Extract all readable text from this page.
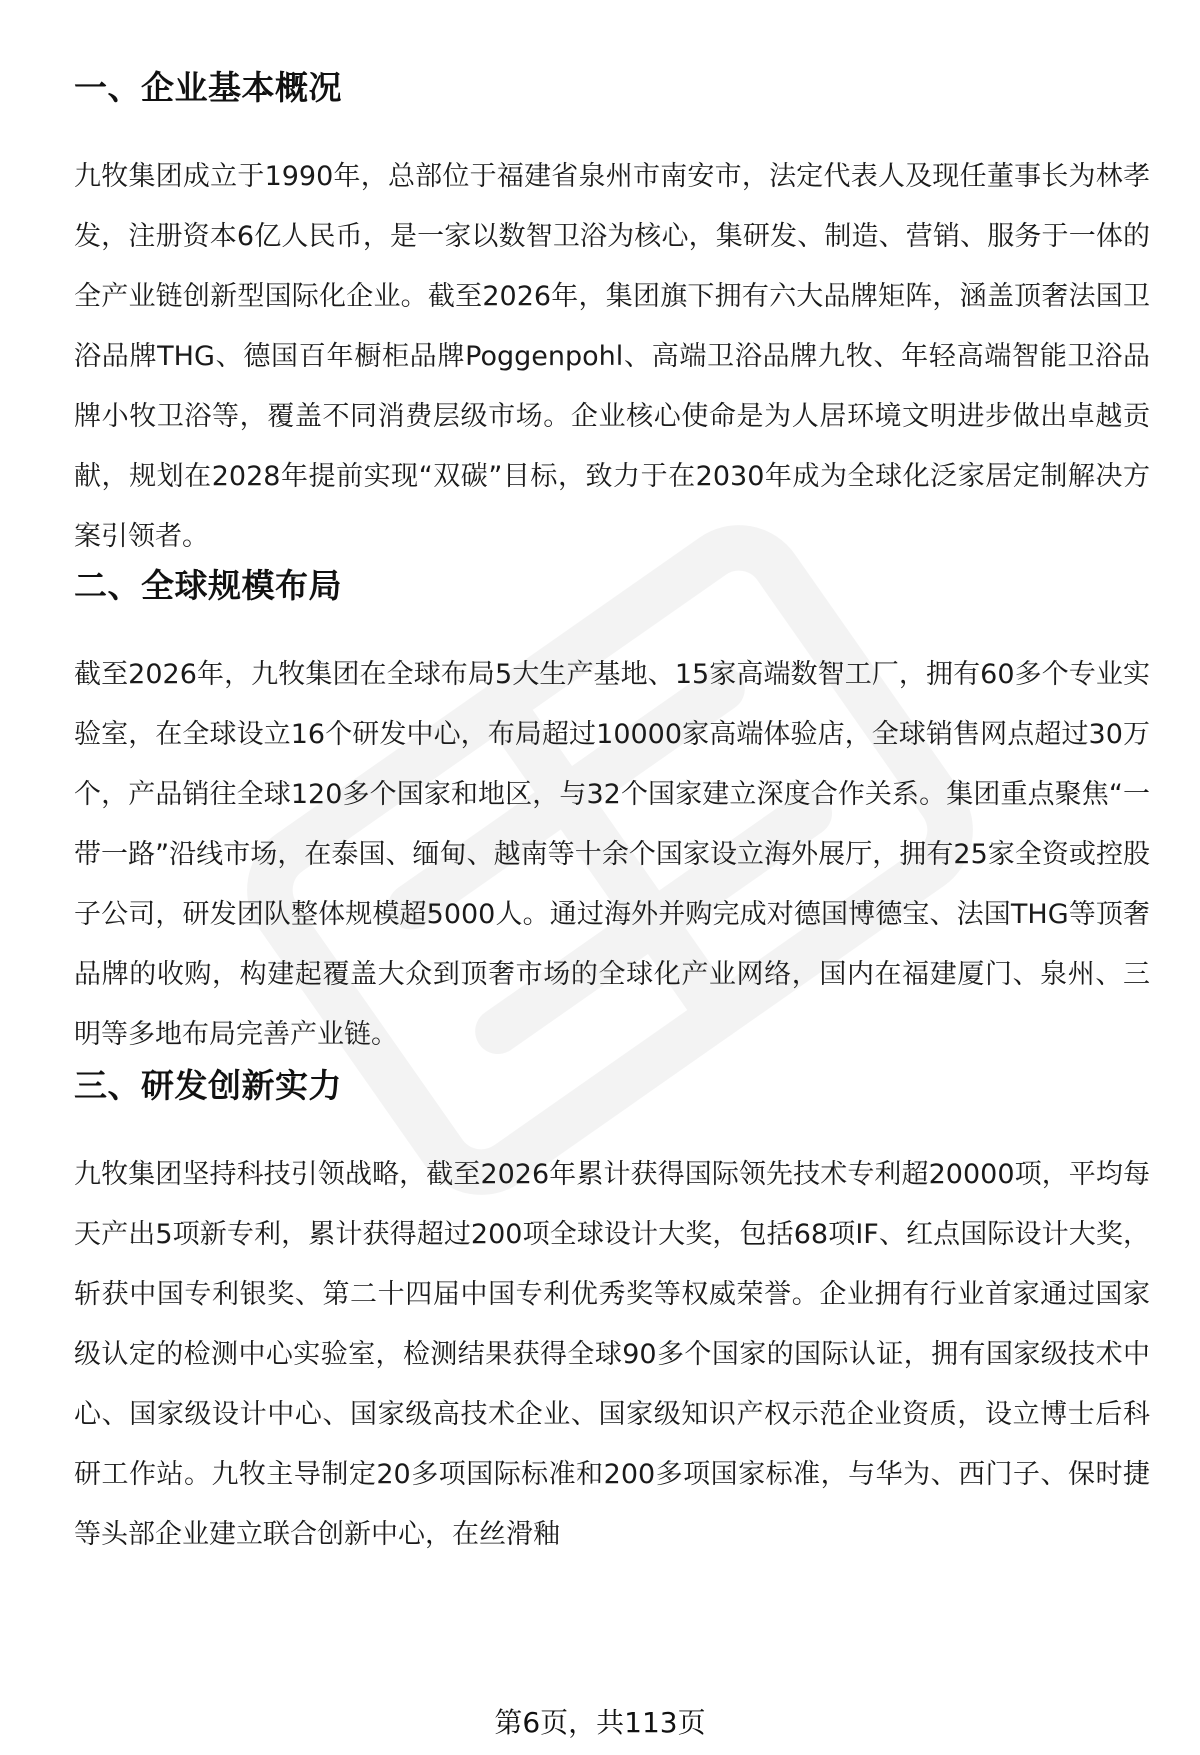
一、企业基本概况

九牧集团成立于1990年，总部位于福建省泉州市南安市，法定代表人及现任董事长为林孝发，注册资本6亿人民币，是一家以数智卫浴为核心，集研发、制造、营销、服务于一体的全产业链创新型国际化企业。截至2026年，集团旗下拥有六大品牌矩阵，涵盖顶奢法国卫浴品牌THG、德国百年橱柜品牌Poggenpohl、高端卫浴品牌九牧、年轻高端智能卫浴品牌小牧卫浴等，覆盖不同消费层级市场。企业核心使命是为人居环境文明进步做出卓越贡献，规划在2028年提前实现“双碳”目标，致力于在2030年成为全球化泛家居定制解决方案引领者。

二、全球规模布局

截至2026年，九牧集团在全球布局5大生产基地、15家高端数智工厂，拥有60多个专业实验室，在全球设立16个研发中心，布局超过10000家高端体验店，全球销售网点超过30万个，产品销往全球120多个国家和地区，与32个国家建立深度合作关系。集团重点聚焦“一带一路”沿线市场，在泰国、缅甸、越南等十余个国家设立海外展厅，拥有25家全资或控股子公司，研发团队整体规模超5000人。通过海外并购完成对德国博德宝、法国THG等顶奢品牌的收购，构建起覆盖大众到顶奢市场的全球化产业网络，国内在福建厦门、泉州、三明等多地布局完善产业链。

三、研发创新实力

九牧集团坚持科技引领战略，截至2026年累计获得国际领先技术专利超20000项，平均每天产出5项新专利，累计获得超过200项全球设计大奖，包括68项IF、红点国际设计大奖，斩获中国专利银奖、第二十四届中国专利优秀奖等权威荣誉。企业拥有行业首家通过国家级认定的检测中心实验室，检测结果获得全球90多个国家的国际认证，拥有国家级技术中心、国家级设计中心、国家级高技术企业、国家级知识产权示范企业资质，设立博士后科研工作站。九牧主导制定20多项国际标准和200多项国家标准，与华为、西门子、保时捷等头部企业建立联合创新中心，在丝滑釉

第6页，共113页
